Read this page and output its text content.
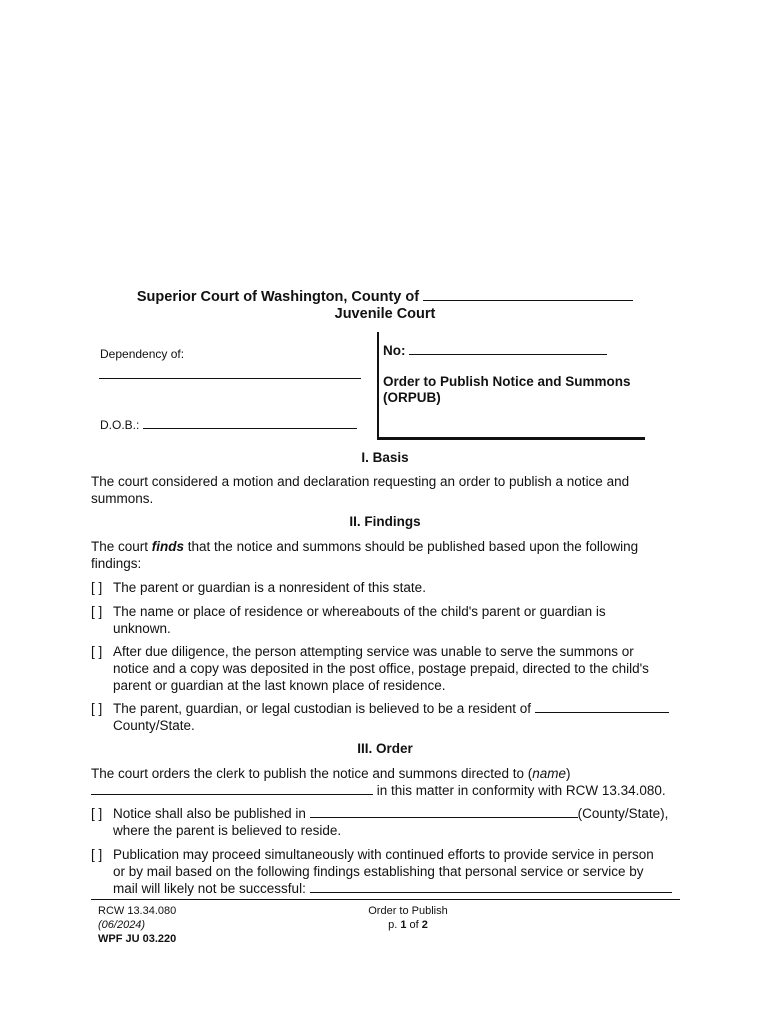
Superior Court of Washington, County of
Juvenile Court
Dependency of:
D.O.B.:
No:
Order to Publish Notice and Summons
(ORPUB)
I. Basis
The court considered a motion and declaration requesting an order to publish a notice and
summons.
II. Findings
The court finds that the notice and summons should be published based upon the following
findings:
[ ] The parent or guardian is a nonresident of this state.
[ ] The name or place of residence or whereabouts of the child's parent or guardian is
unknown.
[ ] After due diligence, the person attempting service was unable to serve the summons or
notice and a copy was deposited in the post office, postage prepaid, directed to the child's
parent or guardian at the last known place of residence.
[ ] The parent, guardian, or legal custodian is believed to be a resident of
County/State.
III. Order
The court orders the clerk to publish the notice and summons directed to (name)
in this matter in conformity with RCW 13.34.080.
[ ] Notice shall also be published in	(County/State),
where the parent is believed to reside.
[ ] Publication may proceed simultaneously with continued efforts to provide service in person
or by mail based on the following findings establishing that personal service or service by
mail will likely not be successful:
RCW 13.34.080
(06/2024)
WPF JU 03.220
Order to Publish
p. 1 of 2
